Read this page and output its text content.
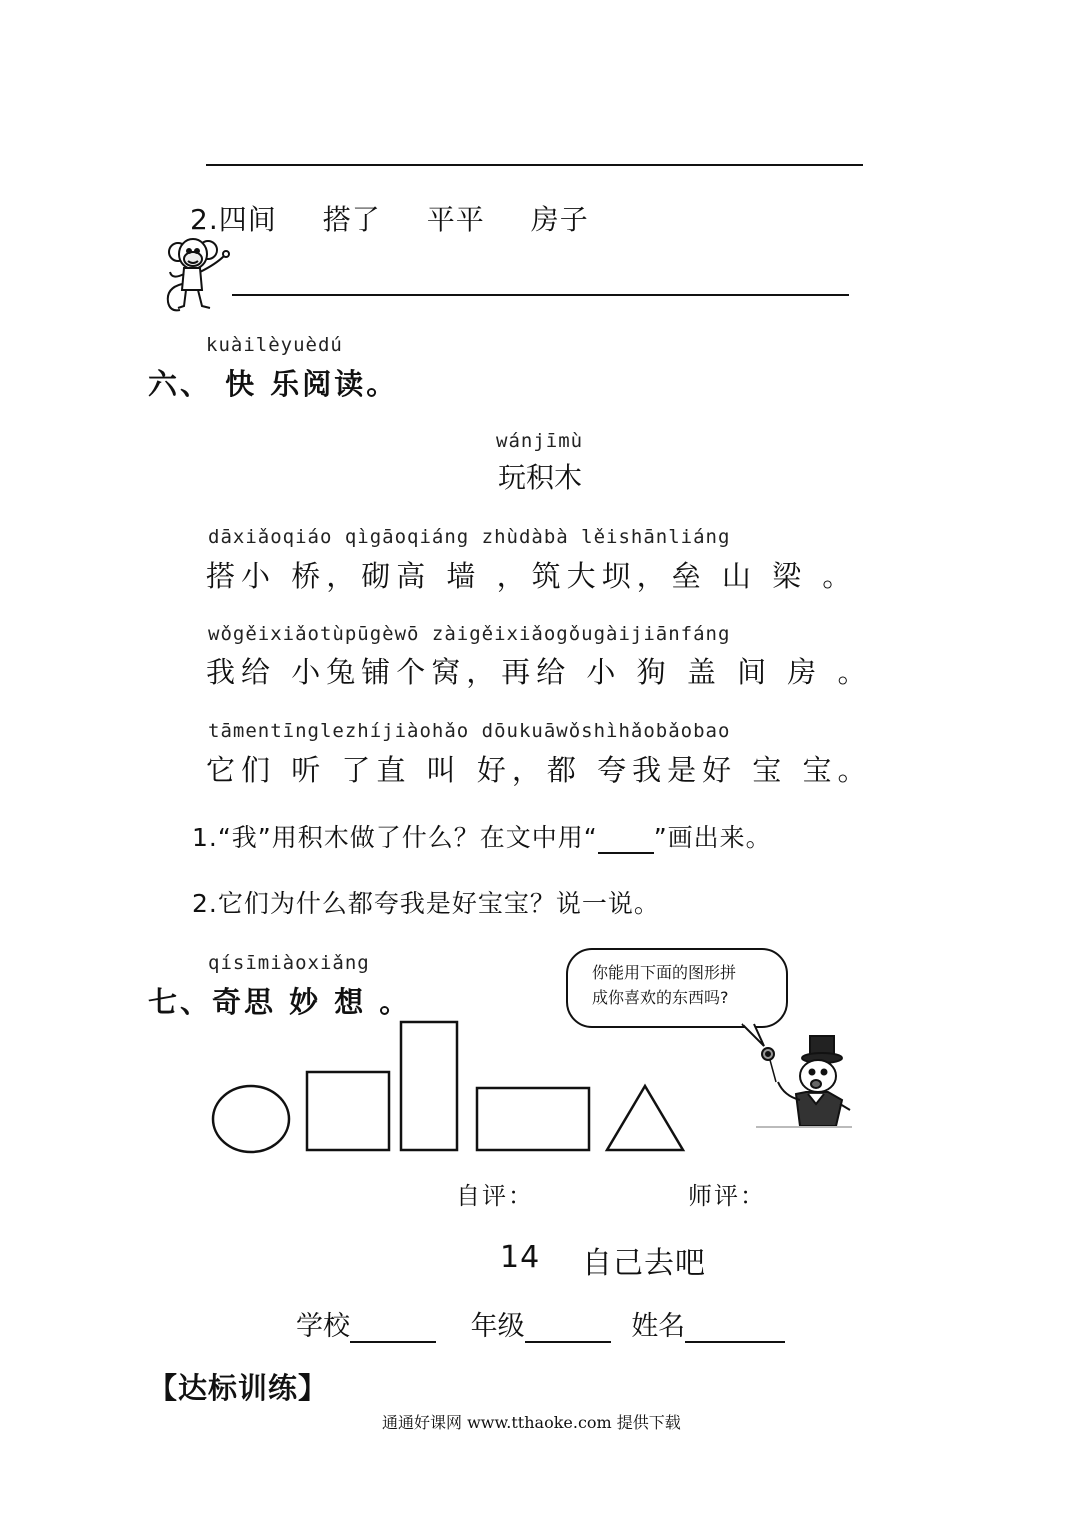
2.四间 搭了 平平 房子
kuàilèyuèdú
六、 快 乐阅读。
wánjīmù
玩积木
dāxiǎoqiáo qìgāoqiáng zhùdàbà lěishānliáng
搭小 桥，砌高 墙 ，筑大坝，垒 山 梁 。
wǒgěixiǎotùpūgèwō zàigěixiǎogǒugàijiānfáng
我给 小兔铺个窝，再给 小 狗 盖 间 房 。
tāmentīnglezhíjiàohǎo dōukuāwǒshìhǎobǎobao
它们 听 了直 叫 好，都 夸我是好 宝 宝。
1.“我”用积木做了什么？在文中用“ ”画出来。
2.它们为什么都夸我是好宝宝？说一说。
qísīmiàoxiǎng
七、奇思 妙 想 。
你能用下面的图形拼
成你喜欢的东西吗?
自评：	师评：
14 自己去吧
学校	年级	姓名
【达标训练】
通通好课网 www.tthaoke.com 提供下载
